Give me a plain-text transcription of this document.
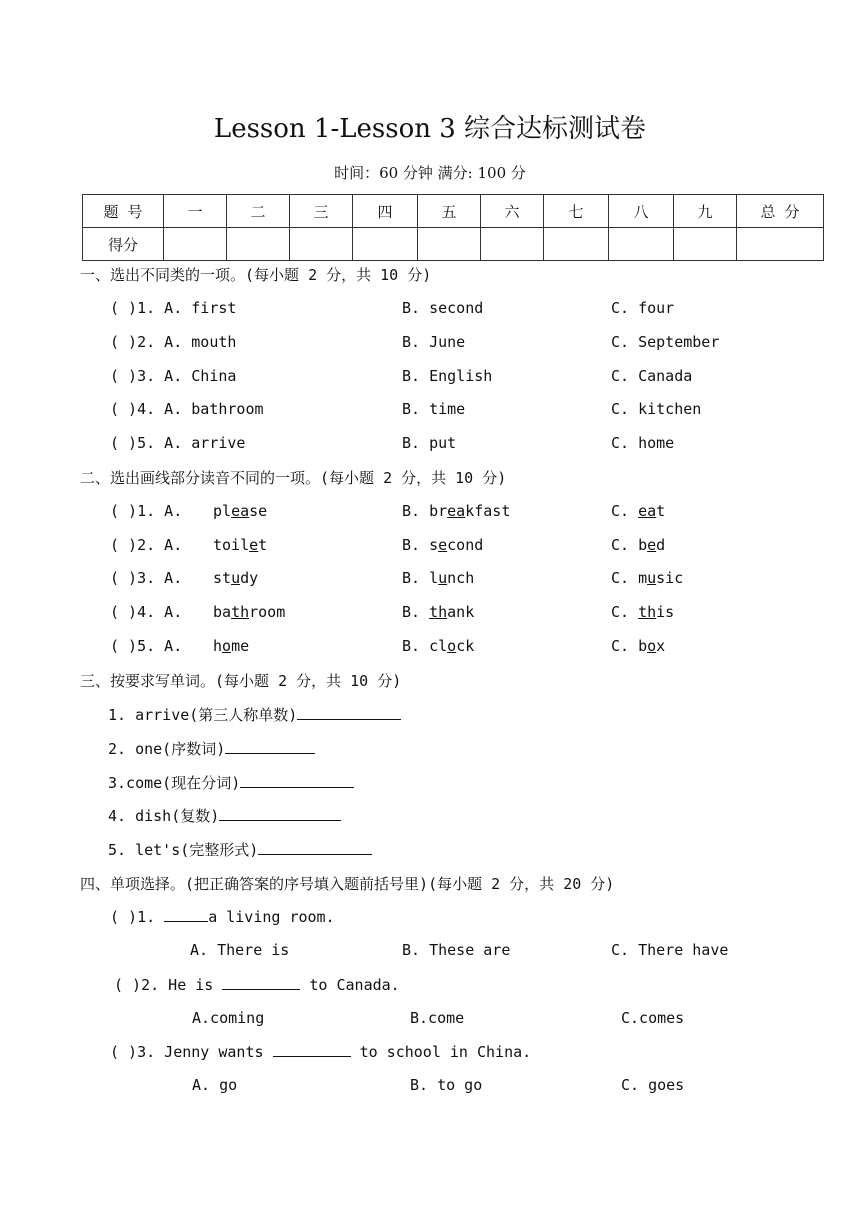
Lesson 1-Lesson 3 综合达标测试卷
时间：60 分钟 满分: 100 分
题 号	一	二	三	四	五	六	七	八	九	总 分
得分										
一、选出不同类的一项。(每小题 2 分，共 10 分)
( )1. A. first	B. second	C. four
( )2. A. mouth	B. June	C. September
( )3. A. China	B. English	C. Canada
( )4. A. bathroom	B. time	C. kitchen
( )5. A. arrive	B. put	C. home
二、选出画线部分读音不同的一项。(每小题 2 分，共 10 分)
( )1. A. please	B. breakfast	C. eat
( )2. A. toilet	B. second	C. bed
( )3. A. study	B. lunch	C. music
( )4. A. bathroom	B. thank	C. this
( )5. A. home	B. clock	C. box
三、按要求写单词。(每小题 2 分，共 10 分)
1. arrive(第三人称单数)
2. one(序数词)
3.come(现在分词)
4. dish(复数)
5. let's(完整形式)
四、单项选择。(把正确答案的序号填入题前括号里)(每小题 2 分，共 20 分)
( )1.	a living room.
A. There is	B. These are	C. There have
( )2. He is	to Canada.
A.coming	B.come	C.comes
( )3. Jenny wants	to school in China.
A. go	B. to go	C. goes
